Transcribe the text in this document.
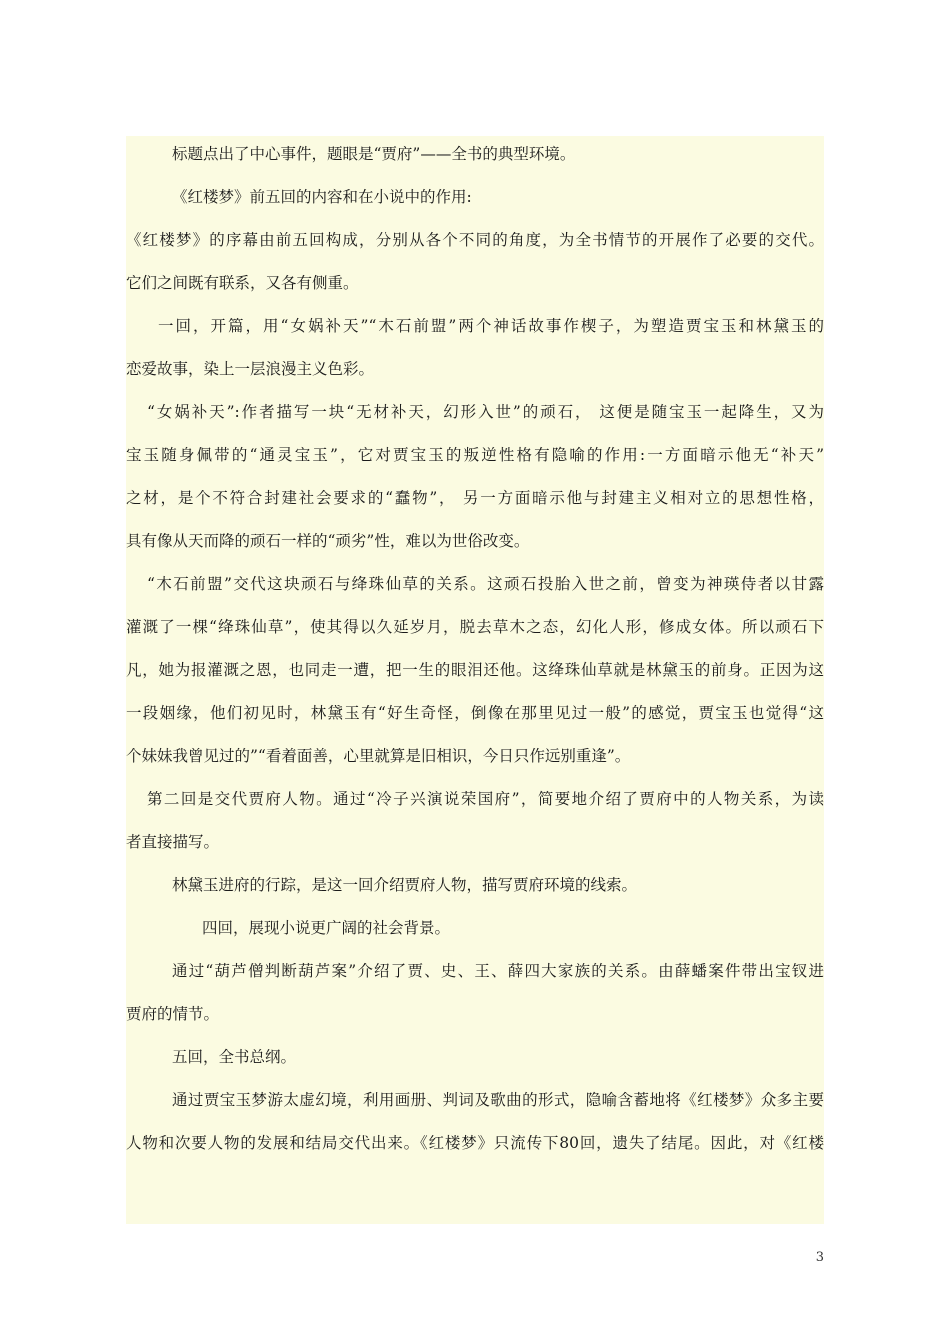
标题点出了中心事件，题眼是“贾府”——全书的典型环境。
《红楼梦》前五回的内容和在小说中的作用:
《红楼梦》的序幕由前五回构成，分别从各个不同的角度，为全书情节的开展作了必要的交代。
它们之间既有联系，又各有侧重。
一回，开篇，用“女娲补天”“木石前盟”两个神话故事作楔子，为塑造贾宝玉和林黛玉的
恋爱故事，染上一层浪漫主义色彩。
“女娲补天”:作者描写一块“无材补天，幻形入世”的顽石， 这便是随宝玉一起降生，又为
宝玉随身佩带的“通灵宝玉”，它对贾宝玉的叛逆性格有隐喻的作用:一方面暗示他无“补天”
之材，是个不符合封建社会要求的“蠢物”， 另一方面暗示他与封建主义相对立的思想性格，
具有像从天而降的顽石一样的“顽劣”性，难以为世俗改变。
“木石前盟”交代这块顽石与绛珠仙草的关系。这顽石投胎入世之前，曾变为神瑛侍者以甘露
灌溉了一棵“绛珠仙草”，使其得以久延岁月，脱去草木之态，幻化人形，修成女体。所以顽石下
凡，她为报灌溉之恩，也同走一遭，把一生的眼泪还他。这绛珠仙草就是林黛玉的前身。正因为这
一段姻缘，他们初见时，林黛玉有“好生奇怪，倒像在那里见过一般”的感觉，贾宝玉也觉得“这
个妹妹我曾见过的”“看着面善，心里就算是旧相识，今日只作远别重逢”。
第二回是交代贾府人物。通过“冷子兴演说荣国府”，简要地介绍了贾府中的人物关系，为读
者直接描写。
林黛玉进府的行踪，是这一回介绍贾府人物，描写贾府环境的线索。
四回，展现小说更广阔的社会背景。
通过“葫芦僧判断葫芦案”介绍了贾、史、王、薛四大家族的关系。由薛蟠案件带出宝钗进
贾府的情节。
五回，全书总纲。
通过贾宝玉梦游太虚幻境，利用画册、判词及歌曲的形式，隐喻含蓄地将《红楼梦》众多主要
人物和次要人物的发展和结局交代出来。《红楼梦》只流传下80回，遗失了结尾。因此，对《红楼
3
